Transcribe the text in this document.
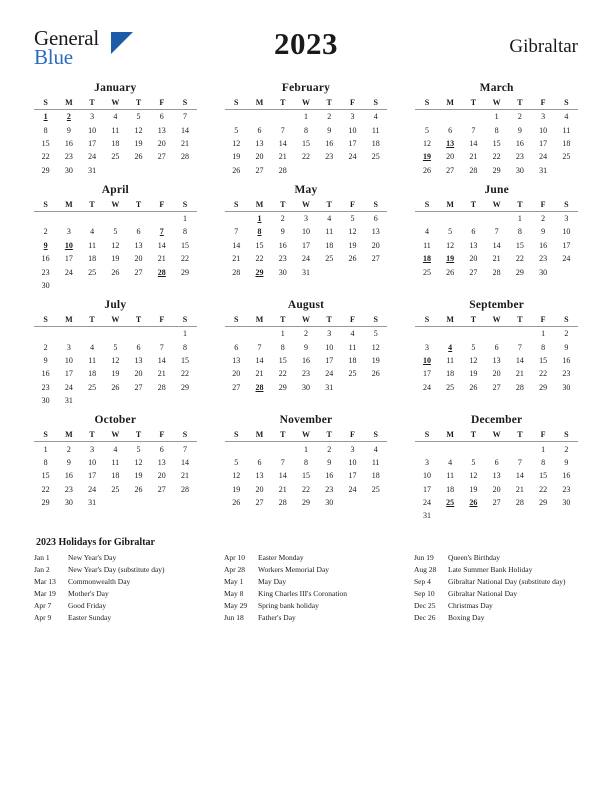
General
Blue	2023	Gibraltar
January
S	M	T	W	T	F	S
1	2	3	4	5	6	7
8	9	10	11	12	13	14
15	16	17	18	19	20	21
22	23	24	25	26	27	28
29	30	31				
February
S	M	T	W	T	F	S
			1	2	3	4
5	6	7	8	9	10	11
12	13	14	15	16	17	18
19	20	21	22	23	24	25
26	27	28				
March
S	M	T	W	T	F	S
			1	2	3	4
5	6	7	8	9	10	11
12	13	14	15	16	17	18
19	20	21	22	23	24	25
26	27	28	29	30	31	
April
S	M	T	W	T	F	S
						1
2	3	4	5	6	7	8
9	10	11	12	13	14	15
16	17	18	19	20	21	22
23	24	25	26	27	28	29
30						
May
S	M	T	W	T	F	S
	1	2	3	4	5	6
7	8	9	10	11	12	13
14	15	16	17	18	19	20
21	22	23	24	25	26	27
28	29	30	31			
June
S	M	T	W	T	F	S
				1	2	3
4	5	6	7	8	9	10
11	12	13	14	15	16	17
18	19	20	21	22	23	24
25	26	27	28	29	30	
July
S	M	T	W	T	F	S
						1
2	3	4	5	6	7	8
9	10	11	12	13	14	15
16	17	18	19	20	21	22
23	24	25	26	27	28	29
30	31					
August
S	M	T	W	T	F	S
		1	2	3	4	5
6	7	8	9	10	11	12
13	14	15	16	17	18	19
20	21	22	23	24	25	26
27	28	29	30	31		
September
S	M	T	W	T	F	S
					1	2
3	4	5	6	7	8	9
10	11	12	13	14	15	16
17	18	19	20	21	22	23
24	25	26	27	28	29	30
October
S	M	T	W	T	F	S
1	2	3	4	5	6	7
8	9	10	11	12	13	14
15	16	17	18	19	20	21
22	23	24	25	26	27	28
29	30	31				
November
S	M	T	W	T	F	S
			1	2	3	4
5	6	7	8	9	10	11
12	13	14	15	16	17	18
19	20	21	22	23	24	25
26	27	28	29	30		
December
S	M	T	W	T	F	S
					1	2
3	4	5	6	7	8	9
10	11	12	13	14	15	16
17	18	19	20	21	22	23
24	25	26	27	28	29	30
31						
2023 Holidays for Gibraltar
Jan 1	New Year's Day
Jan 2	New Year's Day (substitute day)
Mar 13	Commonwealth Day
Mar 19	Mother's Day
Apr 7	Good Friday
Apr 9	Easter Sunday
Apr 10	Easter Monday
Apr 28	Workers Memorial Day
May 1	May Day
May 8	King Charles III's Coronation
May 29	Spring bank holiday
Jun 18	Father's Day
Jun 19	Queen's Birthday
Aug 28	Late Summer Bank Holiday
Sep 4	Gibraltar National Day (substitute day)
Sep 10	Gibraltar National Day
Dec 25	Christmas Day
Dec 26	Boxing Day
